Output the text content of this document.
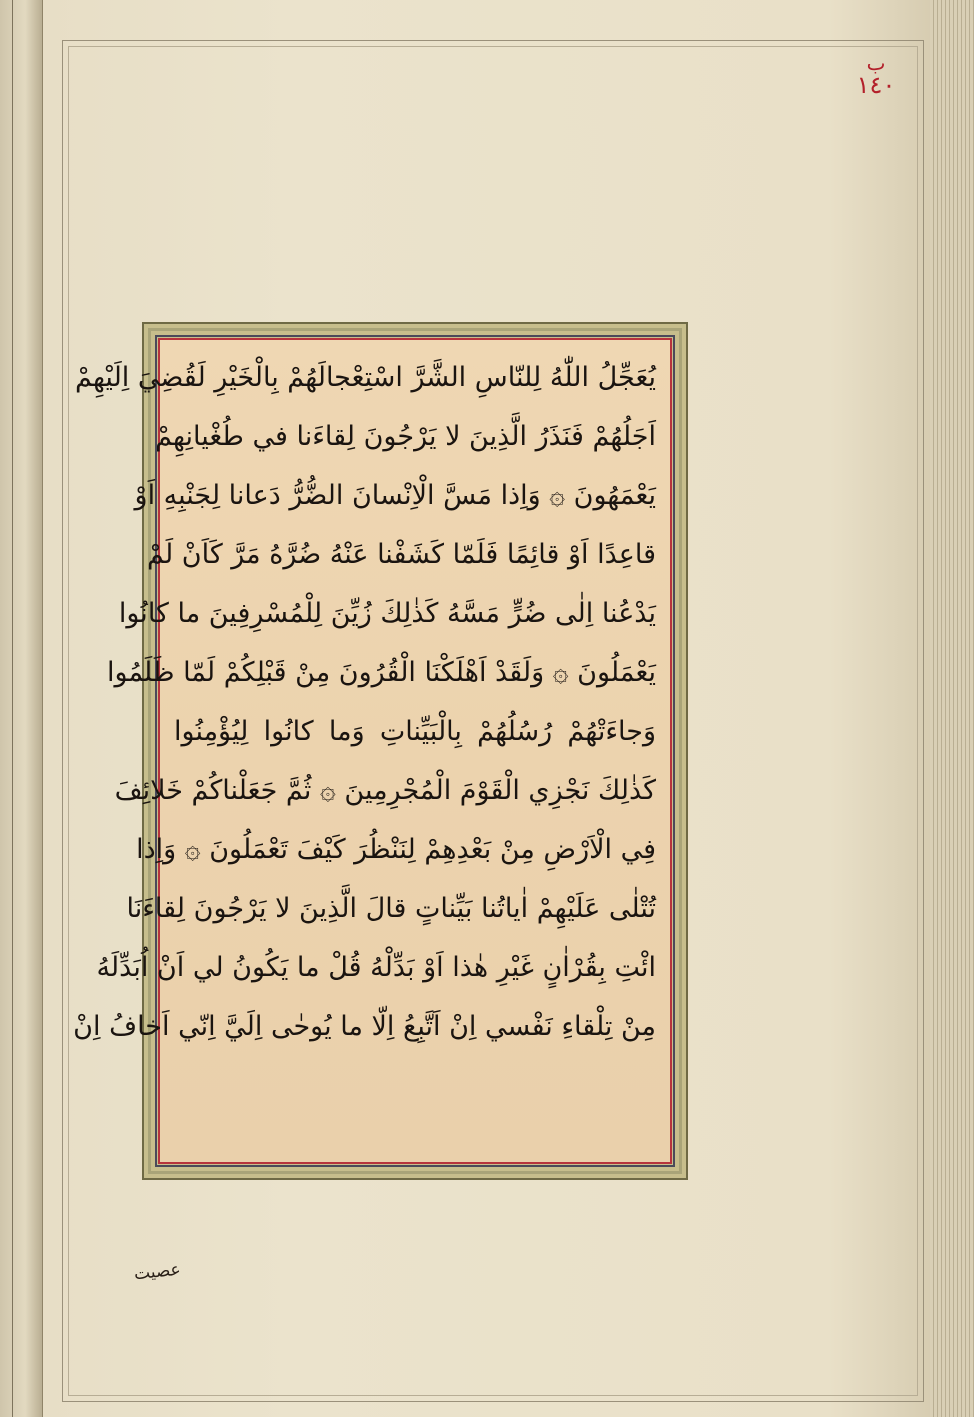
ب
١٤٠
يُعَجِّلُ اللّٰهُ لِلنّاسِ الشَّرَّ اسْتِعْجالَهُمْ بِالْخَيْرِ لَقُضِيَ اِلَيْهِمْ
اَجَلُهُمْ فَنَذَرُ الَّذِينَ لا يَرْجُونَ لِقاءَنا في طُغْيانِهِمْ
يَعْمَهُونَ ۞ وَاِذا مَسَّ الْاِنْسانَ الضُّرُّ دَعانا لِجَنْبِهِ اَوْ
قاعِدًا اَوْ قائِمًا فَلَمّا كَشَفْنا عَنْهُ ضُرَّهُ مَرَّ كَاَنْ لَمْ
يَدْعُنا اِلٰى ضُرٍّ مَسَّهُ كَذٰلِكَ زُيِّنَ لِلْمُسْرِفِينَ ما كانُوا
يَعْمَلُونَ ۞ وَلَقَدْ اَهْلَكْنَا الْقُرُونَ مِنْ قَبْلِكُمْ لَمّا ظَلَمُوا
وَجاءَتْهُمْ رُسُلُهُمْ بِالْبَيِّناتِ وَما كانُوا لِيُؤْمِنُوا
كَذٰلِكَ نَجْزِي الْقَوْمَ الْمُجْرِمِينَ ۞ ثُمَّ جَعَلْناكُمْ خَلائِفَ
فِي الْاَرْضِ مِنْ بَعْدِهِمْ لِنَنْظُرَ كَيْفَ تَعْمَلُونَ ۞ وَاِذا
تُتْلٰى عَلَيْهِمْ اٰياتُنا بَيِّناتٍ قالَ الَّذِينَ لا يَرْجُونَ لِقاءَنَا
ائْتِ بِقُرْاٰنٍ غَيْرِ هٰذا اَوْ بَدِّلْهُ قُلْ ما يَكُونُ لي اَنْ اُبَدِّلَهُ
مِنْ تِلْقاءِ نَفْسي اِنْ اَتَّبِعُ اِلّا ما يُوحٰى اِلَيَّ اِنّي اَخافُ اِنْ
عصيت
